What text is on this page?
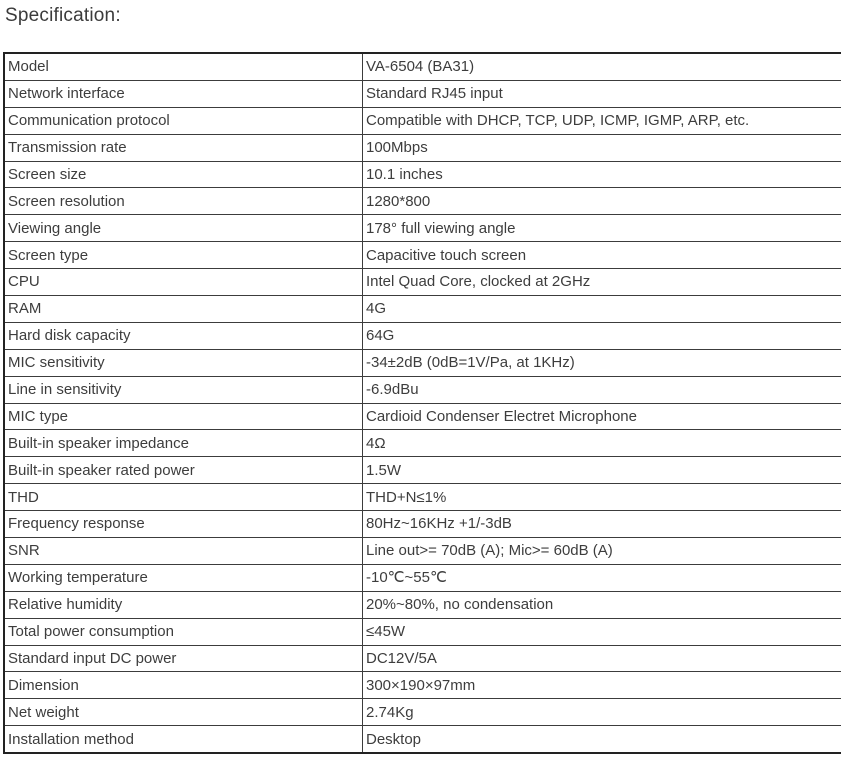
Specification:
Model	VA-6504 (BA31)
Network interface	Standard RJ45 input
Communication protocol	Compatible with DHCP, TCP, UDP, ICMP, IGMP, ARP, etc.
Transmission rate	100Mbps
Screen size	10.1 inches
Screen resolution	1280*800
Viewing angle	178° full viewing angle
Screen type	Capacitive touch screen
CPU	Intel Quad Core, clocked at 2GHz
RAM	4G
Hard disk capacity	64G
MIC sensitivity	-34±2dB (0dB=1V/Pa, at 1KHz)
Line in sensitivity	-6.9dBu
MIC type	Cardioid Condenser Electret Microphone
Built-in speaker impedance	4Ω
Built-in speaker rated power	1.5W
THD	THD+N≤1%
Frequency response	80Hz~16KHz +1/-3dB
SNR	Line out>= 70dB (A); Mic>= 60dB (A)
Working temperature	-10℃~55℃
Relative humidity	20%~80%, no condensation
Total power consumption	≤45W
Standard input DC power	DC12V/5A
Dimension	300×190×97mm
Net weight	2.74Kg
Installation method	Desktop
